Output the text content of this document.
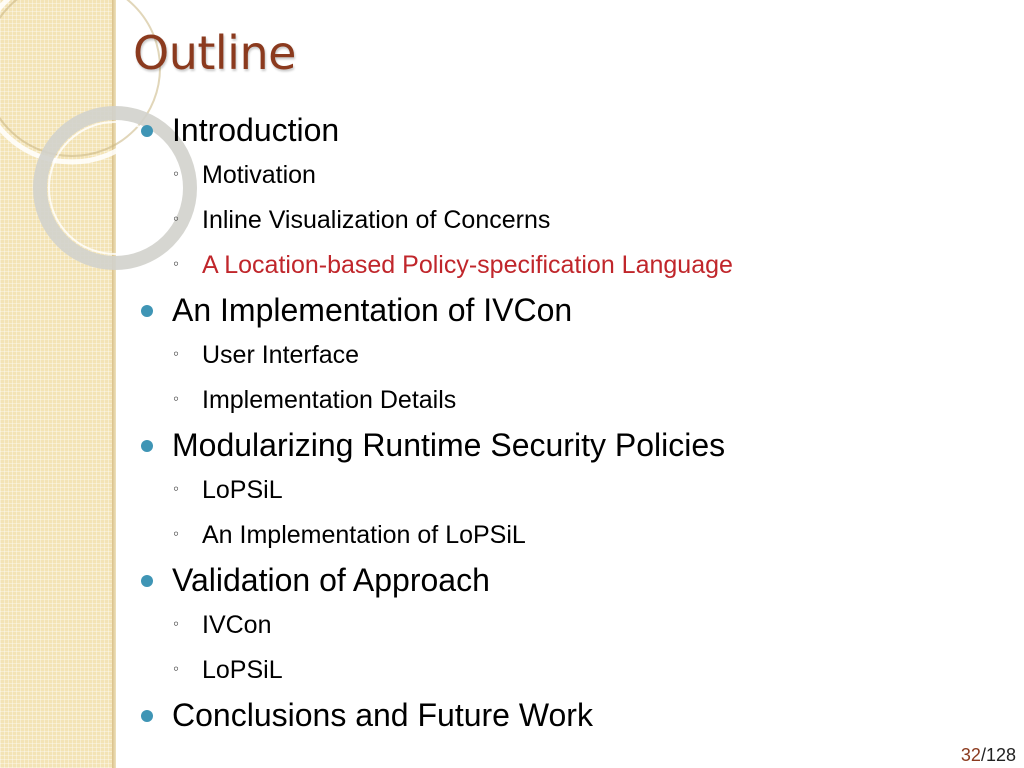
Outline
Introduction
◦ Motivation
◦ Inline Visualization of Concerns
◦ A Location-based Policy-specification Language
An Implementation of IVCon
◦ User Interface
◦ Implementation Details
Modularizing Runtime Security Policies
◦ LoPSiL
◦ An Implementation of LoPSiL
Validation of Approach
◦ IVCon
◦ LoPSiL
Conclusions and Future Work
32/128
